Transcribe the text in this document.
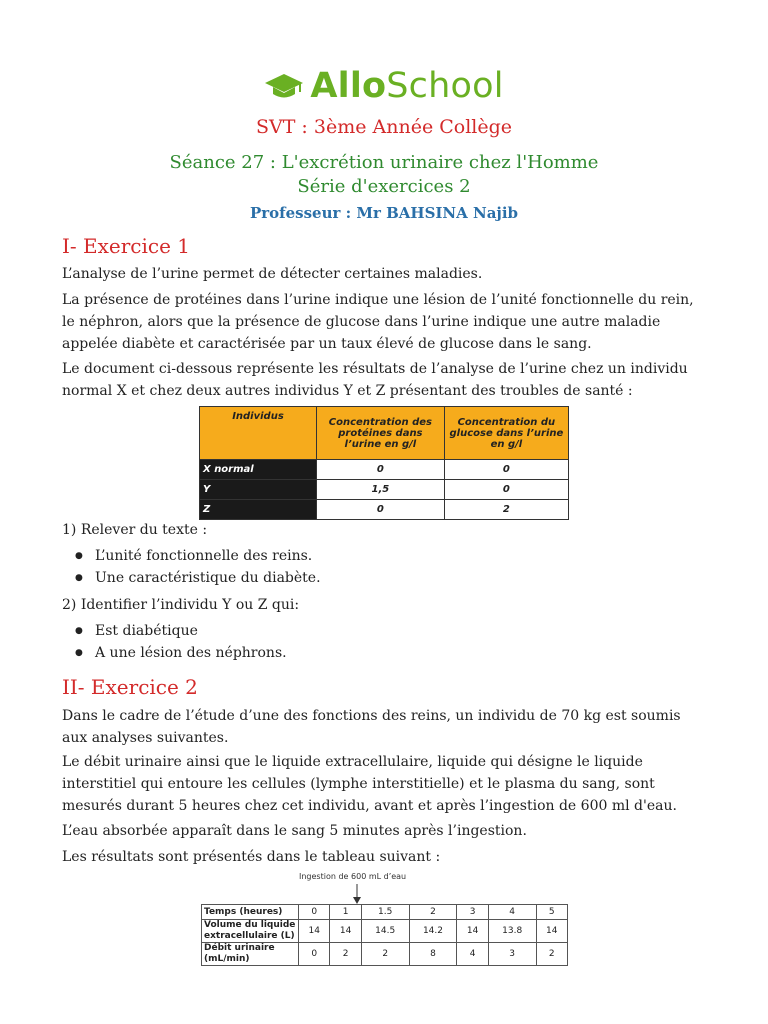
AlloSchool
SVT : 3ème Année Collège
Séance 27 : L'excrétion urinaire chez l'Homme
Série d'exercices 2
Professeur : Mr BAHSINA Najib
I- Exercice 1

L’analyse de l’urine permet de détecter certaines maladies.

La présence de protéines dans l’urine indique une lésion de l’unité fonctionnelle du rein, le néphron, alors que la présence de glucose dans l’urine indique une autre maladie appelée diabète et caractérisée par un taux élevé de glucose dans le sang.

Le document ci-dessous représente les résultats de l’analyse de l’urine chez un individu normal X et chez deux autres individus Y et Z présentant des troubles de santé :

Individus	Concentration des protéines dans l’urine en g/l	Concentration du glucose dans l’urine en g/l
X normal	0	0
Y	1,5	0
Z	0	2

1) Relever du texte :

● L’unité fonctionnelle des reins.
● Une caractéristique du diabète.

2) Identifier l’individu Y ou Z qui:

● Est diabétique
● A une lésion des néphrons.
II- Exercice 2

Dans le cadre de l’étude d’une des fonctions des reins, un individu de 70 kg est soumis aux analyses suivantes.

Le débit urinaire ainsi que le liquide extracellulaire, liquide qui désigne le liquide interstitiel qui entoure les cellules (lymphe interstitielle) et le plasma du sang, sont mesurés durant 5 heures chez cet individu, avant et après l’ingestion de 600 ml d'eau.

L’eau absorbée apparaît dans le sang 5 minutes après l’ingestion.

Les résultats sont présentés dans le tableau suivant :

Ingestion de 600 mL d’eau
Temps (heures)	0	1	1.5	2	3	4	5
Volume du liquide extracellulaire (L)	14	14	14.5	14.2	14	13.8	14
Débit urinaire (mL/min)	0	2	2	8	4	3	2
